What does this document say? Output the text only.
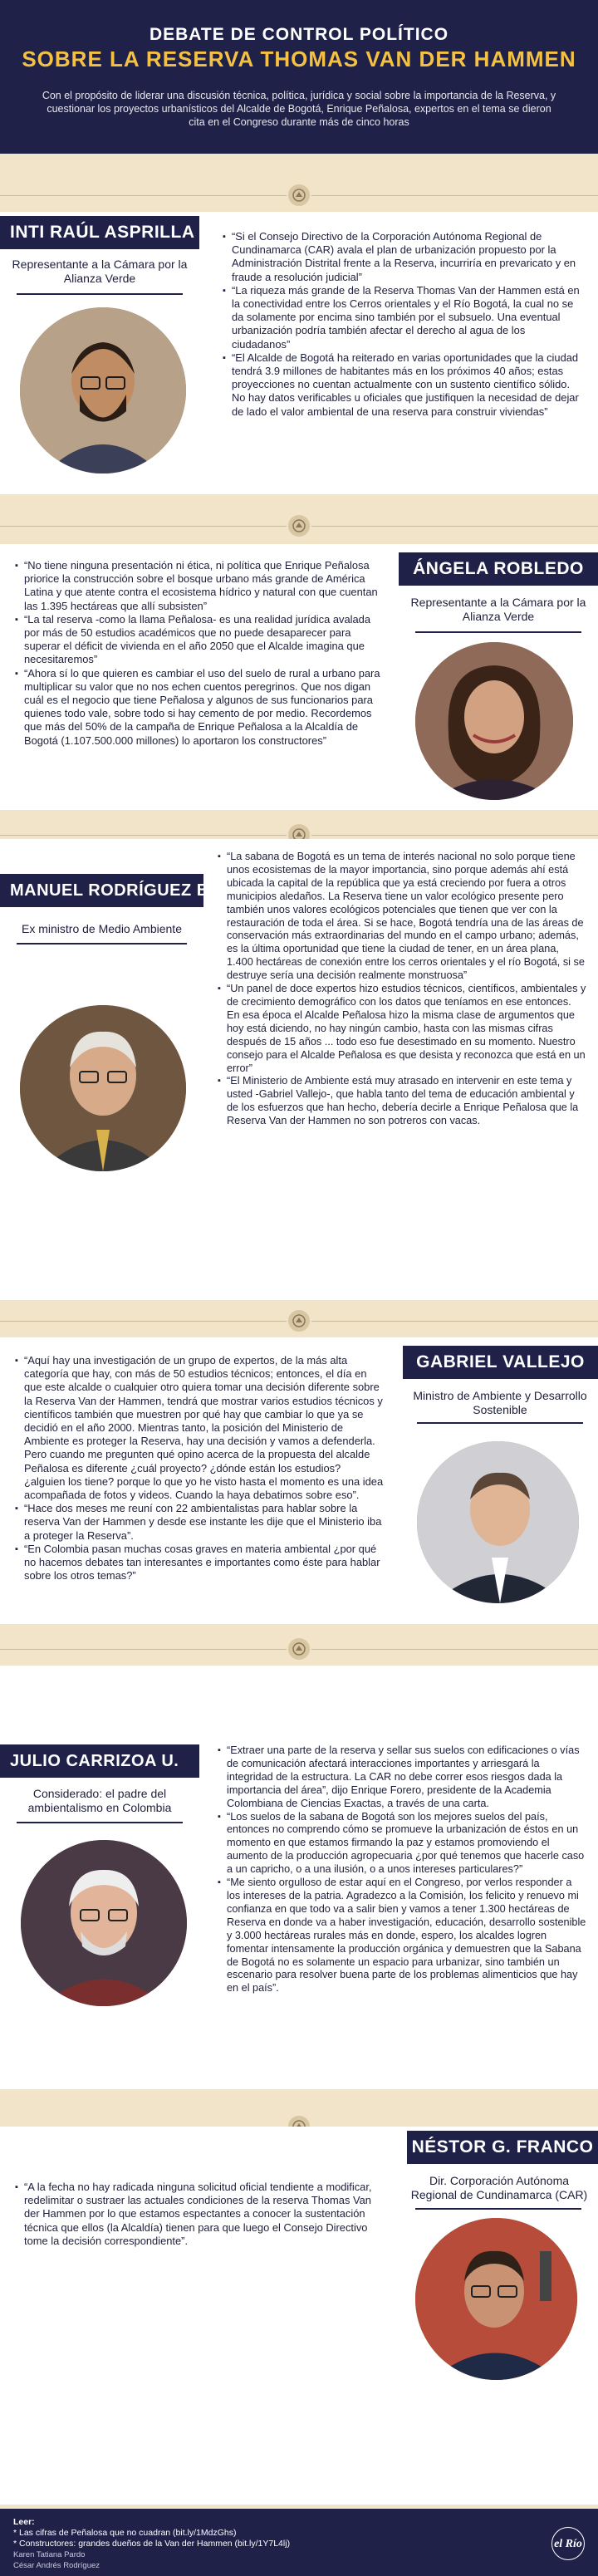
DEBATE DE CONTROL POLÍTICO
SOBRE LA RESERVA THOMAS VAN DER HAMMEN
Con el propósito de liderar una discusión técnica, política, jurídica y social sobre la importancia de la Reserva, y cuestionar los proyectos urbanísticos del Alcalde de Bogotá, Enrique Peñalosa, expertos en el tema se dieron cita en el Congreso durante más de cinco horas
INTI RAÚL ASPRILLA
Representante a la Cámara por la Alianza Verde
▪ “Si el Consejo Directivo de la Corporación Autónoma Regional de Cundinamarca (CAR) avala el plan de urbanización propuesto por la Administración Distrital frente a la Reserva, incurriría en prevaricato y en fraude a resolución judicial”
▪ “La riqueza más grande de la Reserva Thomas Van der Hammen está en la conectividad entre los Cerros orientales y el Río Bogotá, la cual no se da solamente por encima sino también por el subsuelo. Una eventual urbanización podría también afectar el derecho al agua de los ciudadanos”
▪ “El Alcalde de Bogotá ha reiterado en varias oportunidades que la ciudad tendrá 3.9 millones de habitantes más en los próximos 40 años; estas proyecciones no cuentan actualmente con un sustento científico sólido. No hay datos verificables u oficiales que justifiquen la necesidad de dejar de lado el valor ambiental de una reserva para construir viviendas”
ÁNGELA ROBLEDO
Representante a la Cámara por la Alianza Verde
▪ “No tiene ninguna presentación ni ética, ni política que Enrique Peñalosa priorice la construcción sobre el bosque urbano más grande de América Latina y que atente contra el ecosistema hídrico y natural con que cuentan las 1.395 hectáreas que allí subsisten”
▪ “La tal reserva -como la llama Peñalosa- es una realidad jurídica avalada por más de 50 estudios académicos que no puede desaparecer para superar el déficit de vivienda en el año 2050 que el Alcalde imagina que necesitaremos”
▪ “Ahora sí lo que quieren es cambiar el uso del suelo de rural a urbano para multiplicar su valor que no nos echen cuentos peregrinos. Que nos digan cuál es el negocio que tiene Peñalosa y algunos de sus funcionarios para quienes todo vale, sobre todo si hay cemento de por medio. Recordemos que más del 50% de la campaña de Enrique Peñalosa a la Alcaldía de Bogotá (1.107.500.000 millones) lo aportaron los constructores”
MANUEL RODRÍGUEZ B.
Ex ministro de Medio Ambiente
▪ “La sabana de Bogotá es un tema de interés nacional no solo porque tiene unos ecosistemas de la mayor importancia, sino porque además ahí está ubicada la capital de la república que ya está creciendo por fuera a otros municipios aledaños. La Reserva tiene un valor ecológico presente pero también unos valores ecológicos potenciales que tienen que ver con la restauración de toda el área. Si se hace, Bogotá tendría una de las áreas de conservación más extraordinarias del mundo en el campo urbano; además, es la última oportunidad que tiene la ciudad de tener, en un área plana, 1.400 hectáreas de conexión entre los cerros orientales y el río Bogotá, si se destruye sería una decisión realmente monstruosa”
▪ “Un panel de doce expertos hizo estudios técnicos, científicos, ambientales y de crecimiento demográfico con los datos que teníamos en ese entonces. En esa época el Alcalde Peñalosa hizo la misma clase de argumentos que hoy está diciendo, no hay ningún cambio, hasta con las mismas cifras después de 15 años ... todo eso fue desestimado en su momento. Nuestro consejo para el Alcalde Peñalosa es que desista y reconozca que está en un error”
▪ “El Ministerio de Ambiente está muy atrasado en intervenir en este tema y usted -Gabriel Vallejo-, que habla tanto del tema de educación ambiental y de los esfuerzos que han hecho, debería decirle a Enrique Peñalosa que la Reserva Van der Hammen no son potreros con vacas.
GABRIEL VALLEJO
Ministro de Ambiente y Desarrollo Sostenible
▪ “Aquí hay una investigación de un grupo de expertos, de la más alta categoría que hay, con más de 50 estudios técnicos; entonces, el día en que este alcalde o cualquier otro quiera tomar una decisión diferente sobre la Reserva Van der Hammen, tendrá que mostrar varios estudios técnicos y científicos también que muestren por qué hay que cambiar lo que ya se decidió en el año 2000. Mientras tanto, la posición del Ministerio de Ambiente es proteger la Reserva, hay una decisión y vamos a defenderla. Pero cuando me pregunten qué opino acerca de la propuesta del alcalde Peñalosa es diferente ¿cuál proyecto? ¿dónde están los estudios? ¿alguien los tiene? porque lo que yo he visto hasta el momento es una idea acompañada de fotos y videos. Cuando la haya debatimos sobre eso”.
▪ “Hace dos meses me reuní con 22 ambientalistas para hablar sobre la reserva Van der Hammen y desde ese instante les dije que el Ministerio iba a proteger la Reserva”.
▪ “En Colombia pasan muchas cosas graves en materia ambiental ¿por qué no hacemos debates tan interesantes e importantes como éste para hablar sobre los otros temas?”
JULIO CARRIZOA U.
Considerado: el padre del ambientalismo en Colombia
▪ “Extraer una parte de la reserva y sellar sus suelos con edificaciones o vías de comunicación afectará interacciones importantes y arriesgará la integridad de la estructura. La CAR no debe correr esos riesgos dada la importancia del área”, dijo Enrique Forero, presidente de la Academia Colombiana de Ciencias Exactas, a través de una carta.
▪ “Los suelos de la sabana de Bogotá son los mejores suelos del país, entonces no comprendo cómo se promueve la urbanización de éstos en un momento en que estamos firmando la paz y estamos promoviendo el aumento de la producción agropecuaria ¿por qué tenemos que hacerle caso a un capricho, o a una ilusión, o a unos intereses particulares?”
▪ “Me siento orgulloso de estar aquí en el Congreso, por verlos responder a los intereses de la patria. Agradezco a la Comisión, los felicito y renuevo mi confianza en que todo va a salir bien y vamos a tener 1.300 hectáreas de Reserva en donde va a haber investigación, educación, desarrollo sostenible y 3.000 hectáreas rurales más en donde, espero, los alcaldes logren fomentar intensamente la producción orgánica y demuestren que la Sabana de Bogotá no es solamente un espacio para urbanizar, sino también un escenario para resolver buena parte de los problemas alimenticios que hay en el país”.
NÉSTOR G. FRANCO
Dir. Corporación Autónoma Regional de Cundinamarca (CAR)
▪ “A la fecha no hay radicada ninguna solicitud oficial tendiente a modificar, redelimitar o sustraer las actuales condiciones de la reserva Thomas Van der Hammen por lo que estamos espectantes a conocer la sustentación técnica que ellos (la Alcaldía) tienen para que luego el Consejo Directivo tome la decisión correspondiente”.
Leer:
* Las cifras de Peñalosa que no cuadran (bit.ly/1MdzGhs)
* Constructores: grandes dueños de la Van der Hammen (bit.ly/1Y7L4lj)
Karen Tatiana Pardo
César Andrés Rodríguez
el Río
